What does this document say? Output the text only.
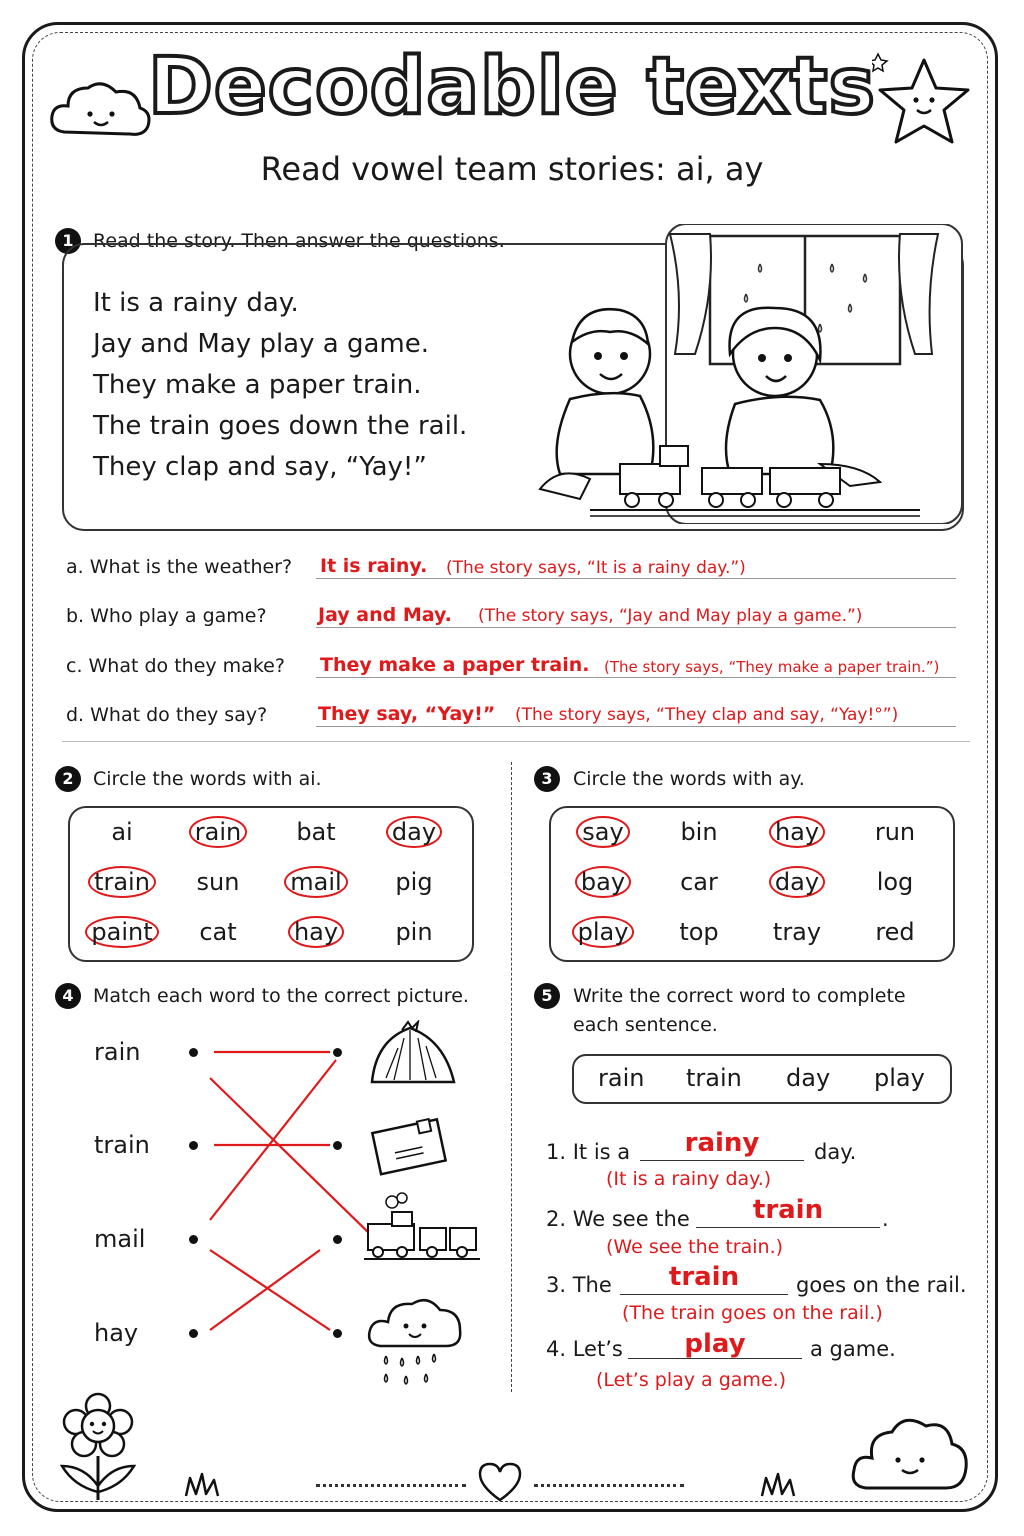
Decodable texts
Read vowel team stories: ai, ay
1	Read the story. Then answer the questions.
It is a rainy day.
Jay and May play a game.
They make a paper train.
The train goes down the rail.
They clap and say, “Yay!”
a. What is the weather? It is rainy. (The story says, “It is a rainy day.”)
b. Who play a game?	Jay and May. (The story says, “Jay and May play a game.”)
c. What do they make? They make a paper train. (The story says, “They make a paper train.”)
d. What do they say?	They say, “Yay!” (The story says, “They clap and say, “Yay!°”)
2	Circle the words with ai.
ai	rain	bat	day
train	sun	mail	pig
paint	cat	hay	pin
3	Circle the words with ay.
say	bin	hay	run
bay	car	day	log
play	top	tray	red
4	Match each word to the correct picture.
rain
train
mail
hay
5	Write the correct word to complete
each sentence.
rain train day play
1. It is a	rainy	day.
(It is a rainy day.)
2. We see the	train	.
(We see the train.)
3. The	train	goes on the rail.
(The train goes on the rail.)
4. Let’s	play	a game.
(Let’s play a game.)
